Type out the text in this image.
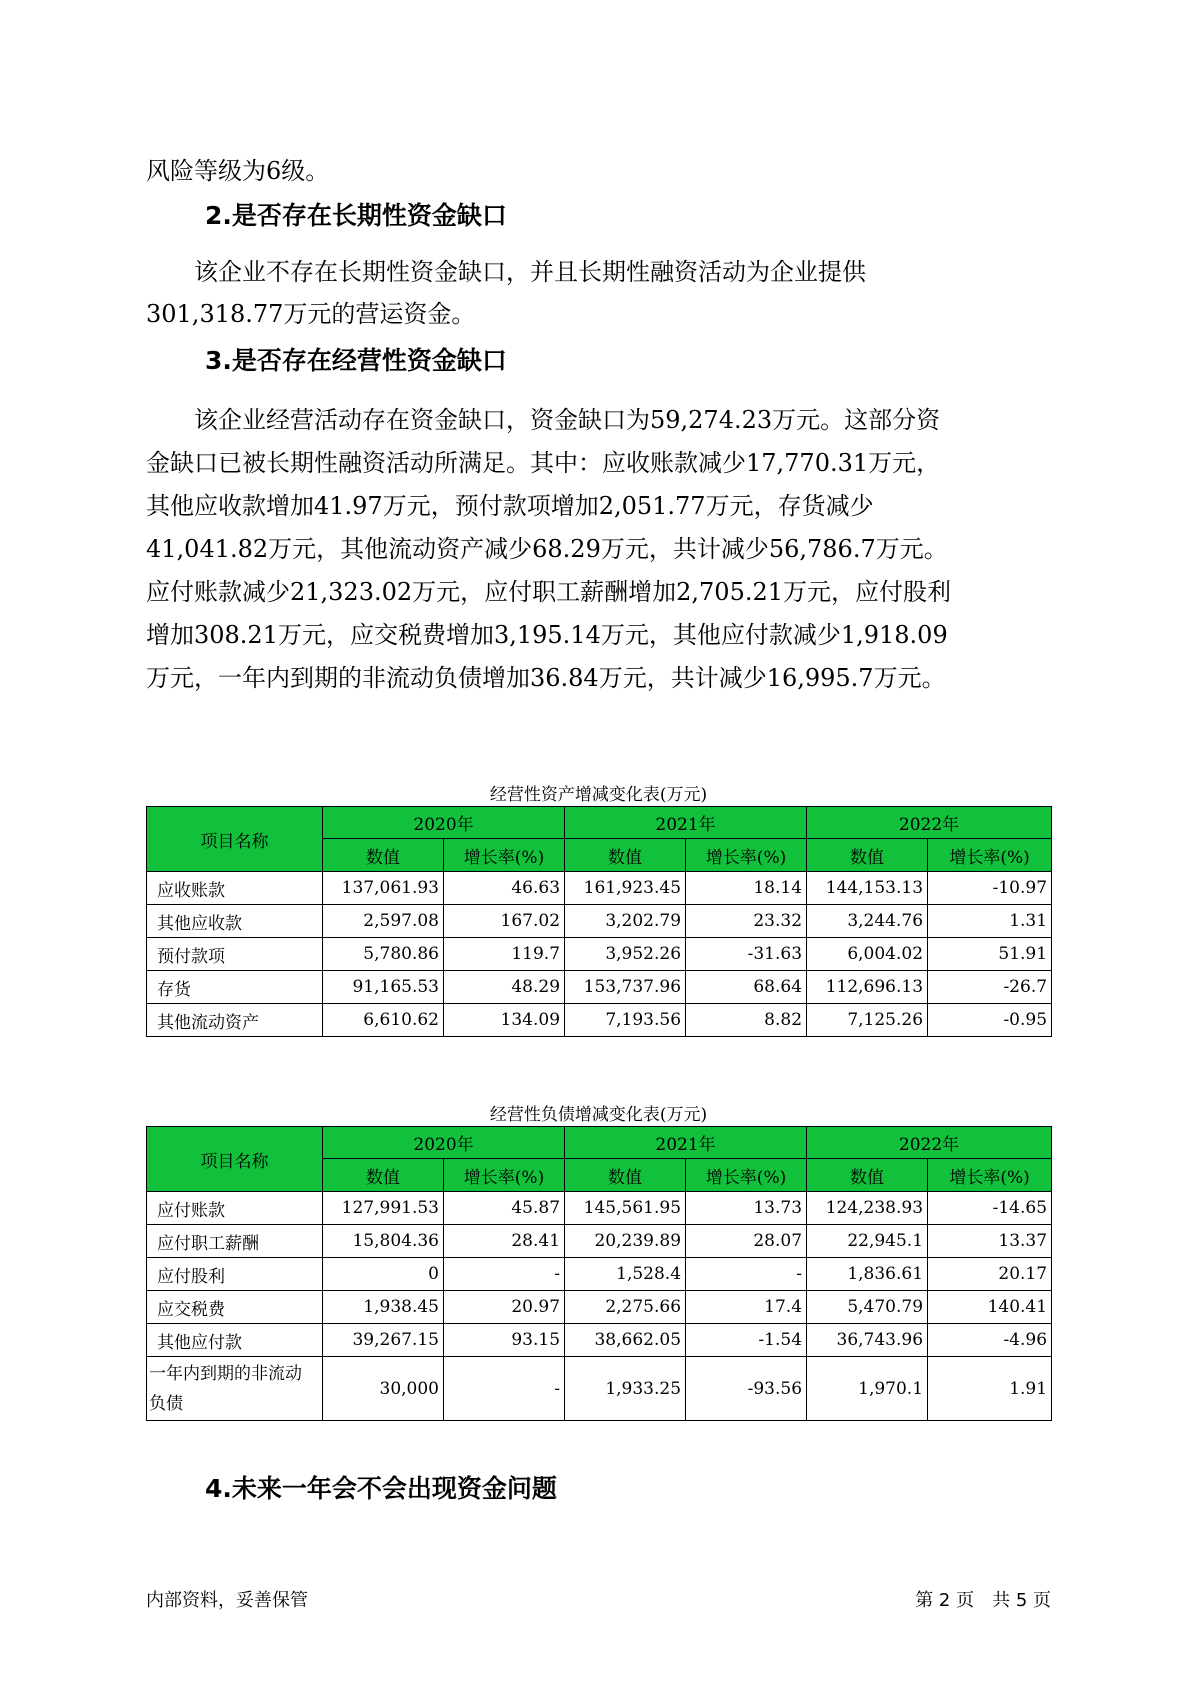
风险等级为6级。

2.是否存在长期性资金缺口

　　该企业不存在长期性资金缺口，并且长期性融资活动为企业提供

301,318.77万元的营运资金。

3.是否存在经营性资金缺口

　　该企业经营活动存在资金缺口，资金缺口为59,274.23万元。这部分资

金缺口已被长期性融资活动所满足。其中：应收账款减少17,770.31万元，

其他应收款增加41.97万元，预付款项增加2,051.77万元，存货减少

41,041.82万元，其他流动资产减少68.29万元，共计减少56,786.7万元。

应付账款减少21,323.02万元，应付职工薪酬增加2,705.21万元，应付股利

增加308.21万元，应交税费增加3,195.14万元，其他应付款减少1,918.09

万元，一年内到期的非流动负债增加36.84万元，共计减少16,995.7万元。

经营性资产增减变化表(万元)

项目名称	2020年		2021年		2022年	
	数值	增长率(%)	数值	增长率(%)	数值	增长率(%)
应收账款	137,061.93	46.63	161,923.45	18.14	144,153.13	-10.97
其他应收款	2,597.08	167.02	3,202.79	23.32	3,244.76	1.31
预付款项	5,780.86	119.7	3,952.26	-31.63	6,004.02	51.91
存货	91,165.53	48.29	153,737.96	68.64	112,696.13	-26.7
其他流动资产	6,610.62	134.09	7,193.56	8.82	7,125.26	-0.95

经营性负债增减变化表(万元)

项目名称	2020年		2021年		2022年	
	数值	增长率(%)	数值	增长率(%)	数值	增长率(%)
应付账款	127,991.53	45.87	145,561.95	13.73	124,238.93	-14.65
应付职工薪酬	15,804.36	28.41	20,239.89	28.07	22,945.1	13.37
应付股利	0	-	1,528.4	-	1,836.61	20.17
应交税费	1,938.45	20.97	2,275.66	17.4	5,470.79	140.41
其他应付款	39,267.15	93.15	38,662.05	-1.54	36,743.96	-4.96
一年内到期的非流动负债	30,000	-	1,933.25	-93.56	1,970.1	1.91
4.未来一年会不会出现资金问题

内部资料，妥善保管	第 2 页　共 5 页
